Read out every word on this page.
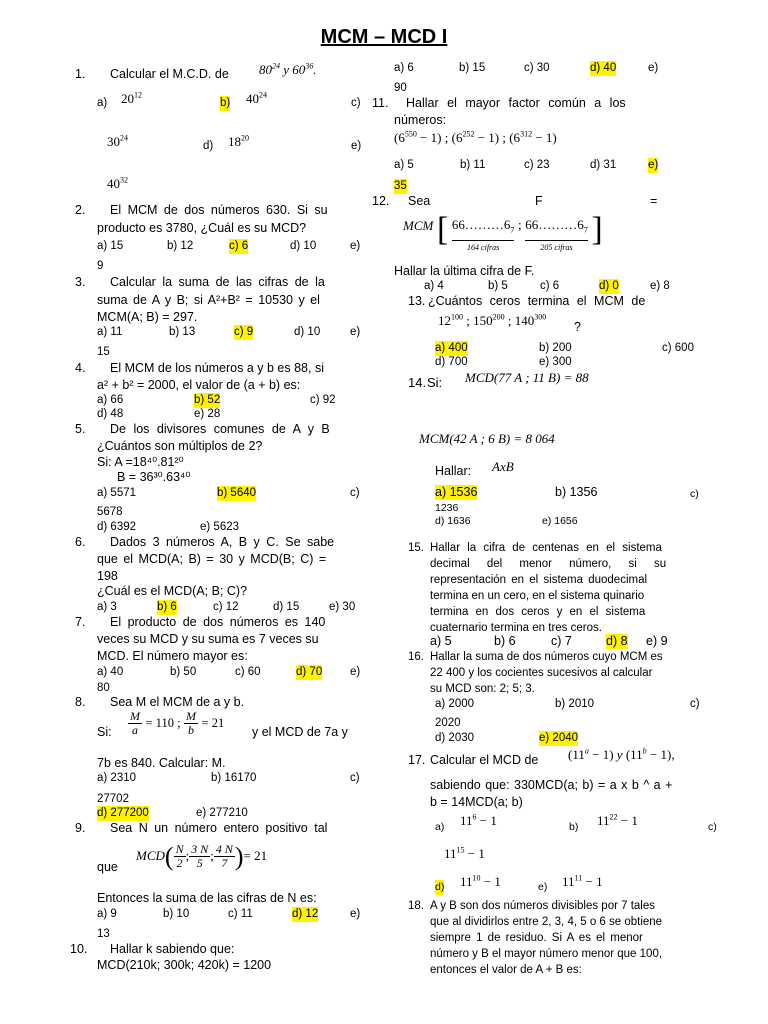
MCM – MCD I
1. Calcular el M.C.D. de $80^{24}$ y $60^{36}$.
a) $20^{12}$
b) $40^{24}$
c)
$30^{24}$
d) $18^{20}$
e)
$40^{32}$
2. El MCM de dos números 630. Si su
producto es 3780, ¿Cuál es su MCD?
a) 15	b) 12	c) 6	d) 10	e)
9
3. Calcular la suma de las cifras de la
suma de A y B; si A²+B² = 10530 y el
MCM(A; B) = 297.
a) 11	b) 13	c) 9	d) 10	e)
15
4. El MCM de los números a y b es 88, si
a² + b² = 2000, el valor de (a + b) es:
a) 66	b) 52	c) 92
d) 48	e) 28
5. De los divisores comunes de A y B
¿Cuántos son múltiplos de 2?
Si: A =18⁴⁰.81²⁰
B = 36³⁰.63⁴⁰
a) 5571	b) 5640	c)
5678
d) 6392	e) 5623
6. Dados 3 números A, B y C. Se sabe
que el MCD(A; B) = 30 y MCD(B; C) =
198
¿Cuál es el MCD(A; B; C)?
a) 3	b) 6	c) 12	d) 15	e) 30
7. El producto de dos números es 140
veces su MCD y su suma es 7 veces su
MCD. El número mayor es:
a) 40	b) 50	c) 60	d) 70 e)
80
8. Sea M el MCM de a y b.
Si: $\frac{M}{a} = 110$ ; $\frac{M}{b} = 21$
y el MCD de 7a y
7b es 840. Calcular: M.
a) 2310	b) 16170	c)
27702
d) 277200	e) 277210
9. Sea N un número entero positivo tal
que
$MCD( \frac{N}{2}$ ; $\frac{3 N}{5}$ ; $\frac{4 N}{7}$ )= 21
Entonces la suma de las cifras de N es:
a) 9	b) 10	c) 11	d) 12	e)
13
10. Hallar k sabiendo que:
MCD(210k; 300k; 420k) = 1200
a) 6	b) 15	c) 30	d) 40	e)
90
11. Hallar el mayor factor común a los
números:
$(6^{550} - 1)$ ; $(6^{252} - 1)$ ; $(6^{312} - 1)$
a) 5	b) 11	c) 23	d) 31	e)
35
12. Sea	F	=
MCM [ $66\dots\dots\dots 6_7$
164 cifras
; $66\dots\dots\dots 6_7$
205 cifras ]
Hallar la última cifra de F.
a) 4	b) 5	c) 6	d) 0	e) 8
13. ¿Cuántos ceros termina el MCM de
$12^{100}$ ; $150^{200}$ ; $140^{300}$
?
a) 400	b) 200	c) 600
d) 700	e) 300
14. Si: MCD(77 A ; 11 B) = 88
MCM(42 A ; 6 B) = 8 064
Hallar: AxB
a) 1536	b) 1356	c)
1236
d) 1636	e) 1656
15. Hallar la cifra de centenas en el sistema
decimal del menor número, si su
representación en el sistema duodecimal
termina en un cero, en el sistema quinario
termina en dos ceros y en el sistema
cuaternario termina en tres ceros.
a) 5	b) 6	c) 7	d) 8 e) 9
16. Hallar la suma de dos números cuyo MCM es
22 400 y los cocientes sucesivos al calcular
su MCD son: 2; 5; 3.
a) 2000	b) 2010	c)
2020
d) 2030	e) 2040
17. Calcular el MCD de $(11^a - 1)$ y $(11^b - 1)$,
sabiendo que: 330MCD(a; b) = a x b ^ a +
b = 14MCD(a; b)
a) $11^6 - 1$	b) $11^{22} - 1$	c)
$11^{15} - 1$
d) $11^{10} - 1$	e) $11^{11} - 1$
18. A y B son dos números divisibles por 7 tales
que al dividirlos entre 2, 3, 4, 5 o 6 se obtiene
siempre 1 de residuo. Si A es el menor
número y B el mayor número menor que 100,
entonces el valor de A + B es:
